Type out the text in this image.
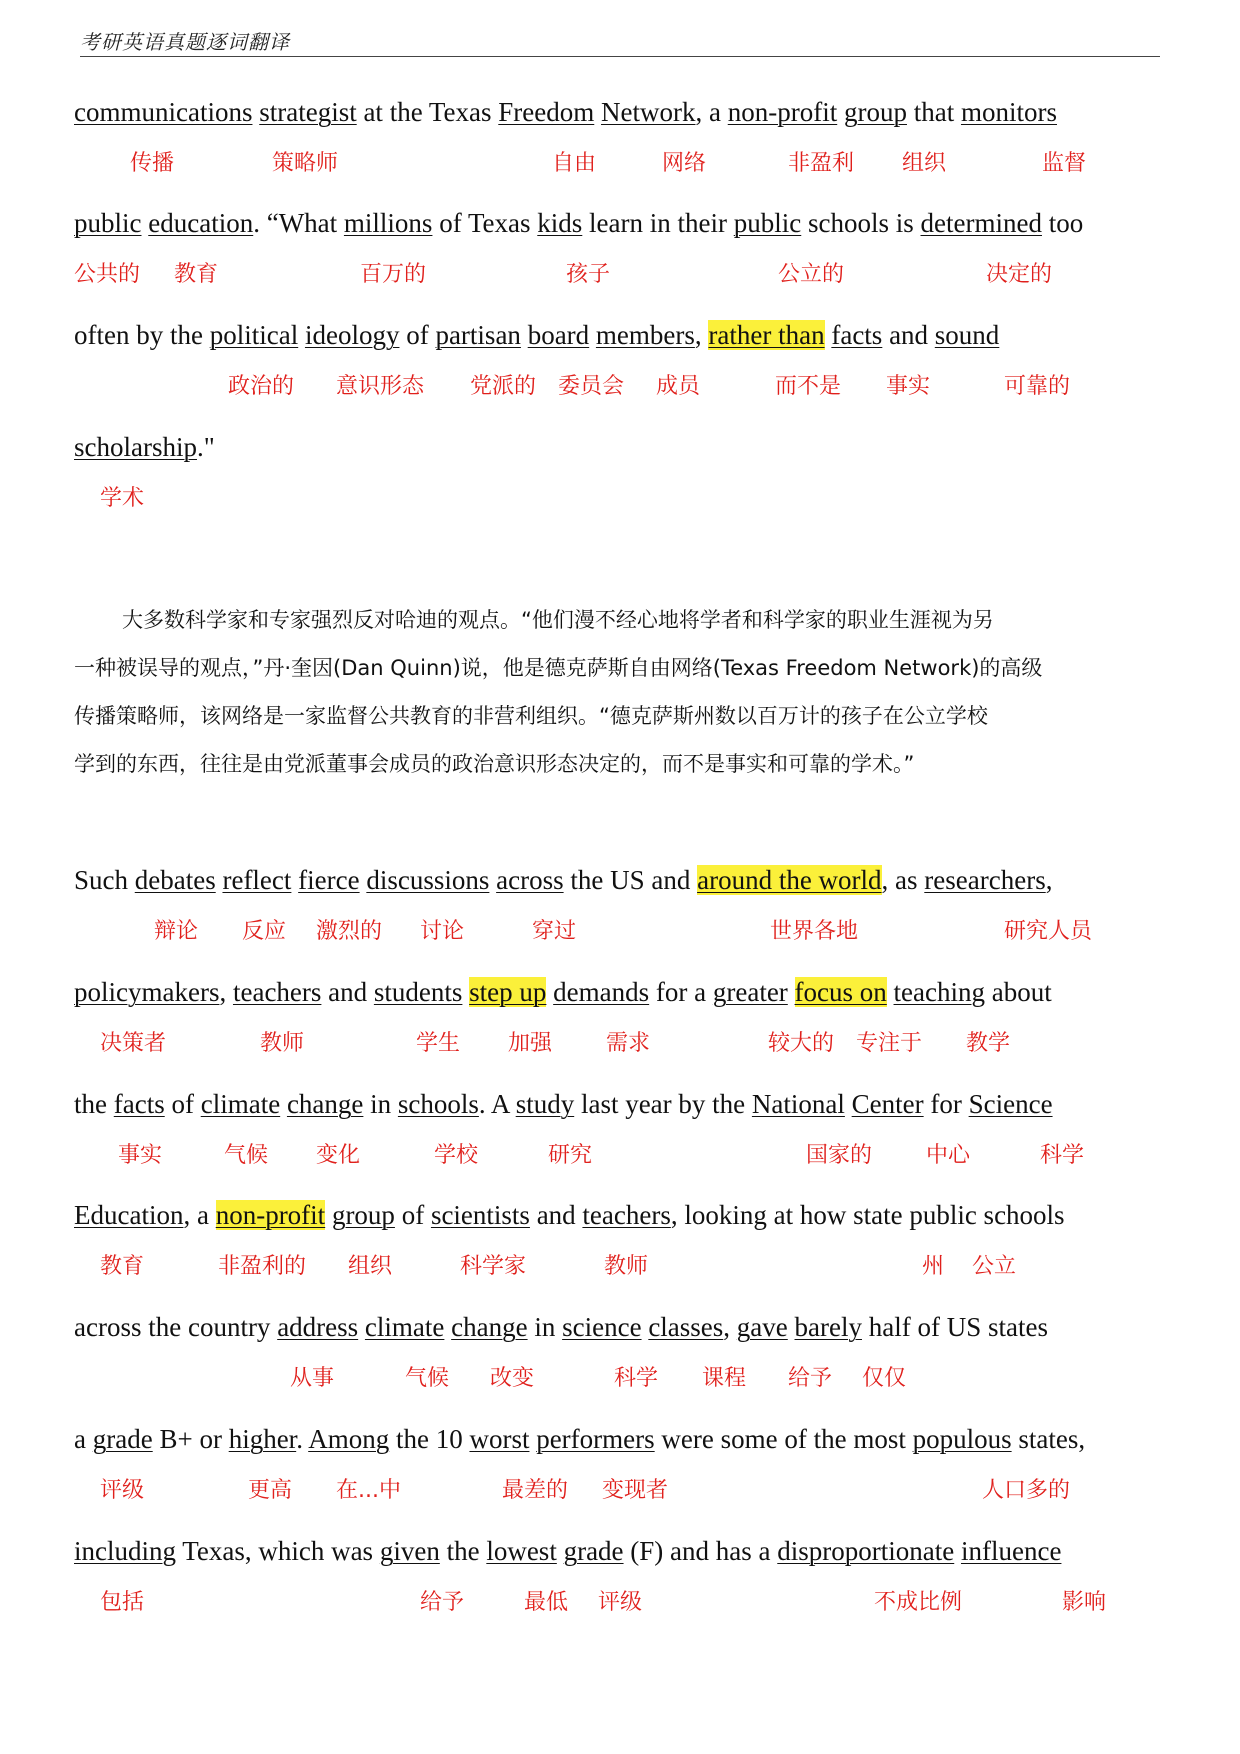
考研英语真题逐词翻译
communications strategist at the Texas Freedom Network, a non-profit group that monitors
传播	策略师	自由	网络	非盈利 组织	监督
public education. “What millions of Texas kids learn in their public schools is determined too
公共的 教育	百万的	孩子	公立的	决定的
often by the political ideology of partisan board members, rather than facts and sound
政治的 意识形态 党派的 委员会 成员	而不是 事实	可靠的
scholarship."
学术
Such debates reflect fierce discussions across the US and around the world, as researchers,
辩论 反应 激烈的 讨论	穿过	世界各地	研究人员
policymakers, teachers and students step up demands for a greater focus on teaching about
决策者	教师	学生 加强 需求	较大的 专注于 教学
the facts of climate change in schools. A study last year by the National Center for Science
事实	气候 变化	学校	研究	国家的 中心	科学
Education, a non-profit group of scientists and teachers, looking at how state public schools
教育	非盈利的 组织	科学家	教师	州 公立
across the country address climate change in science classes, gave barely half of US states
从事	气候 改变	科学 课程 给予 仅仅
a grade B+ or higher. Among the 10 worst performers were some of the most populous states,
评级	更高 在...中	最差的 变现者	人口多的
including Texas, which was given the lowest grade (F) and has a disproportionate influence
包括	给予	最低 评级	不成比例	影响
大多数科学家和专家强烈反对哈迪的观点。“他们漫不经心地将学者和科学家的职业生涯视为另
一种被误导的观点，”丹·奎因(Dan Quinn)说，他是德克萨斯自由网络(Texas Freedom Network)的高级
传播策略师，该网络是一家监督公共教育的非营利组织。“德克萨斯州数以百万计的孩子在公立学校
学到的东西，往往是由党派董事会成员的政治意识形态决定的，而不是事实和可靠的学术。”
